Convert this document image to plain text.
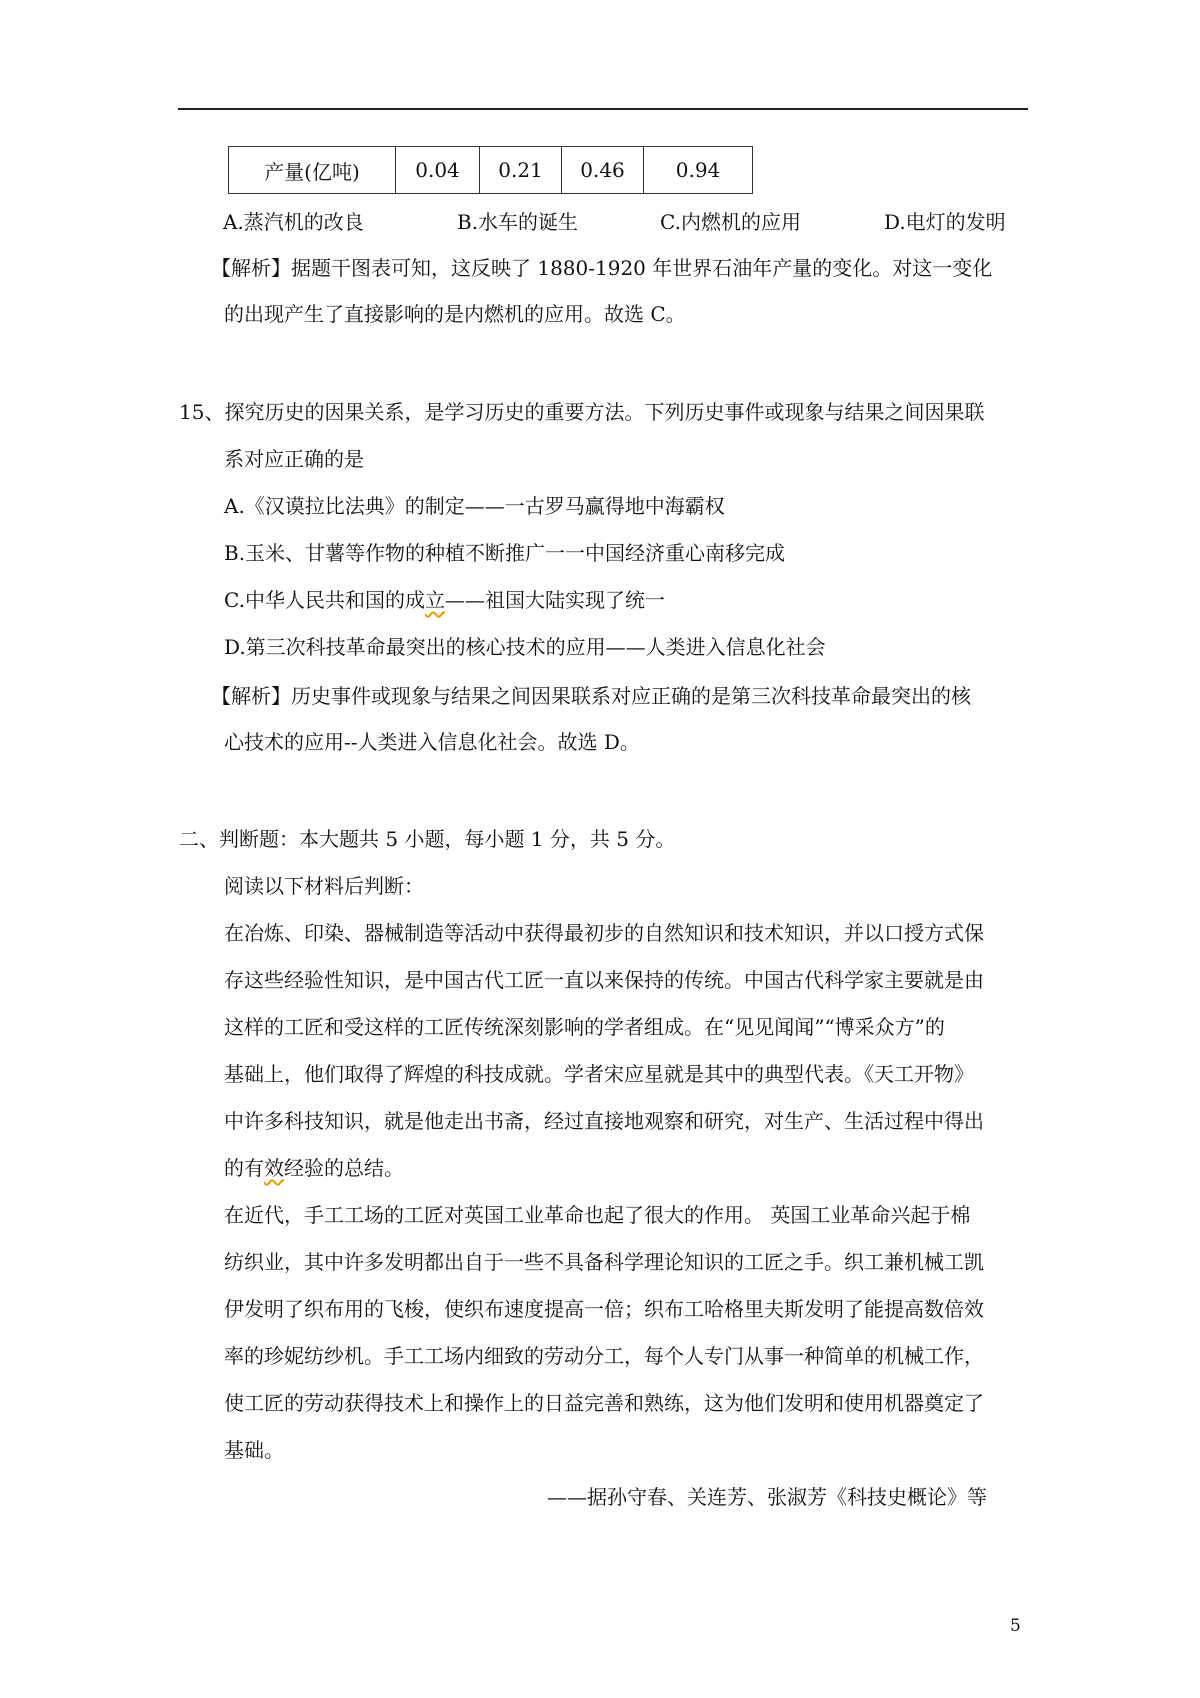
产量(亿吨)	0.04	0.21	0.46	0.94
A.蒸汽机的改良	B.水车的诞生	C.内燃机的应用	D.电灯的发明
【解析】据题干图表可知，这反映了 1880-1920 年世界石油年产量的变化。对这一变化
的出现产生了直接影响的是内燃机的应用。故选 C。
15、探究历史的因果关系，是学习历史的重要方法。下列历史事件或现象与结果之间因果联
系对应正确的是
A.《汉谟拉比法典》的制定——一古罗马赢得地中海霸权
B.玉米、甘薯等作物的种植不断推广一一中国经济重心南移完成
C.中华人民共和国的成立——祖国大陆实现了统一
D.第三次科技革命最突出的核心技术的应用——人类进入信息化社会
【解析】历史事件或现象与结果之间因果联系对应正确的是第三次科技革命最突出的核
心技术的应用--人类进入信息化社会。故选 D。
二、判断题：本大题共 5 小题，每小题 1 分，共 5 分。
阅读以下材料后判断：
在冶炼、印染、器械制造等活动中获得最初步的自然知识和技术知识，并以口授方式保
存这些经验性知识，是中国古代工匠一直以来保持的传统。中国古代科学家主要就是由
这样的工匠和受这样的工匠传统深刻影响的学者组成。在“见见闻闻”“博采众方”的
基础上，他们取得了辉煌的科技成就。学者宋应星就是其中的典型代表。《天工开物》
中许多科技知识，就是他走出书斋，经过直接地观察和研究，对生产、生活过程中得出
的有效经验的总结。
在近代，手工工场的工匠对英国工业革命也起了很大的作用。 英国工业革命兴起于棉
纺织业，其中许多发明都出自于一些不具备科学理论知识的工匠之手。织工兼机械工凯
伊发明了织布用的飞梭，使织布速度提高一倍；织布工哈格里夫斯发明了能提高数倍效
率的珍妮纺纱机。手工工场内细致的劳动分工，每个人专门从事一种简单的机械工作，
使工匠的劳动获得技术上和操作上的日益完善和熟练，这为他们发明和使用机器奠定了
基础。
——据孙守春、关连芳、张淑芳《科技史概论》等
5
